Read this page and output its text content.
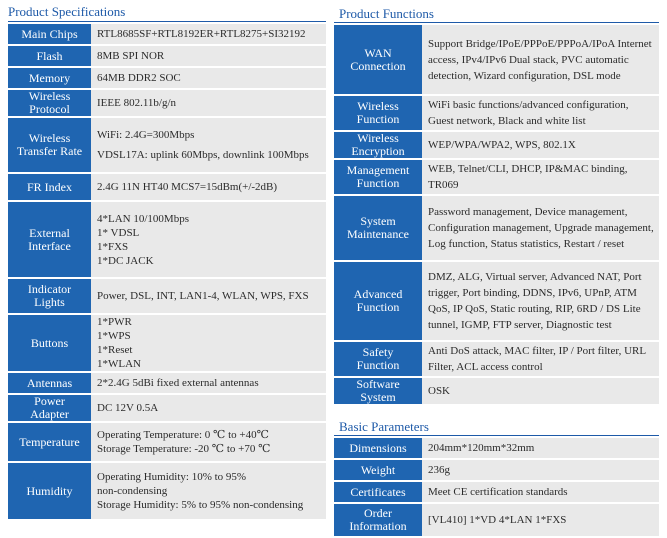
Product Specifications
Main Chips	RTL8685SF+RTL8192ER+RTL8275+SI32192

Flash	8MB SPI NOR

Memory	64MB DDR2 SOC

Wireless
Protocol	IEEE 802.11b/g/n

Wireless
Transfer Rate	WiFi: 2.4G=300Mbps
VDSL17A: uplink 60Mbps, downlink 100Mbps

FR Index	2.4G 11N HT40 MCS7=15dBm(+/-2dB)

External
Interface	4*LAN 10/100Mbps
1* VDSL
1*FXS
1*DC JACK

Indicator
Lights	Power, DSL, INT, LAN1-4, WLAN, WPS, FXS

Buttons	1*PWR
1*WPS
1*Reset
1*WLAN

Antennas	2*2.4G 5dBi fixed external antennas

Power
Adapter	DC 12V 0.5A

Temperature	Operating Temperature: 0 ℃ to +40℃
Storage Temperature: -20 ℃ to +70 ℃

Humidity	Operating Humidity: 10% to 95%
non-condensing
Storage Humidity: 5% to 95% non-condensing
Product Functions
WAN
Connection	Support Bridge/IPoE/PPPoE/PPPoA/IPoA Internet access, IPv4/IPv6 Dual stack, PVC automatic detection, Wizard configuration, DSL mode

Wireless
Function	WiFi basic functions/advanced configuration, Guest network, Black and white list

Wireless
Encryption	WEP/WPA/WPA2, WPS, 802.1X

Management
Function	WEB, Telnet/CLI, DHCP, IP&MAC binding, TR069

System
Maintenance	Password management, Device management, Configuration management, Upgrade management, Log function, Status statistics, Restart / reset

Advanced
Function	DMZ, ALG, Virtual server, Advanced NAT, Port trigger, Port binding, DDNS, IPv6, UPnP, ATM QoS, IP QoS, Static routing, RIP, 6RD / DS Lite tunnel, IGMP, FTP server, Diagnostic test

Safety
Function	Anti DoS attack, MAC filter, IP / Port filter, URL Filter, ACL access control

Software
System	OSK
Basic Parameters
Dimensions	204mm*120mm*32mm

Weight	236g

Certificates	Meet CE certification standards

Order
Information	[VL410] 1*VD 4*LAN 1*FXS
